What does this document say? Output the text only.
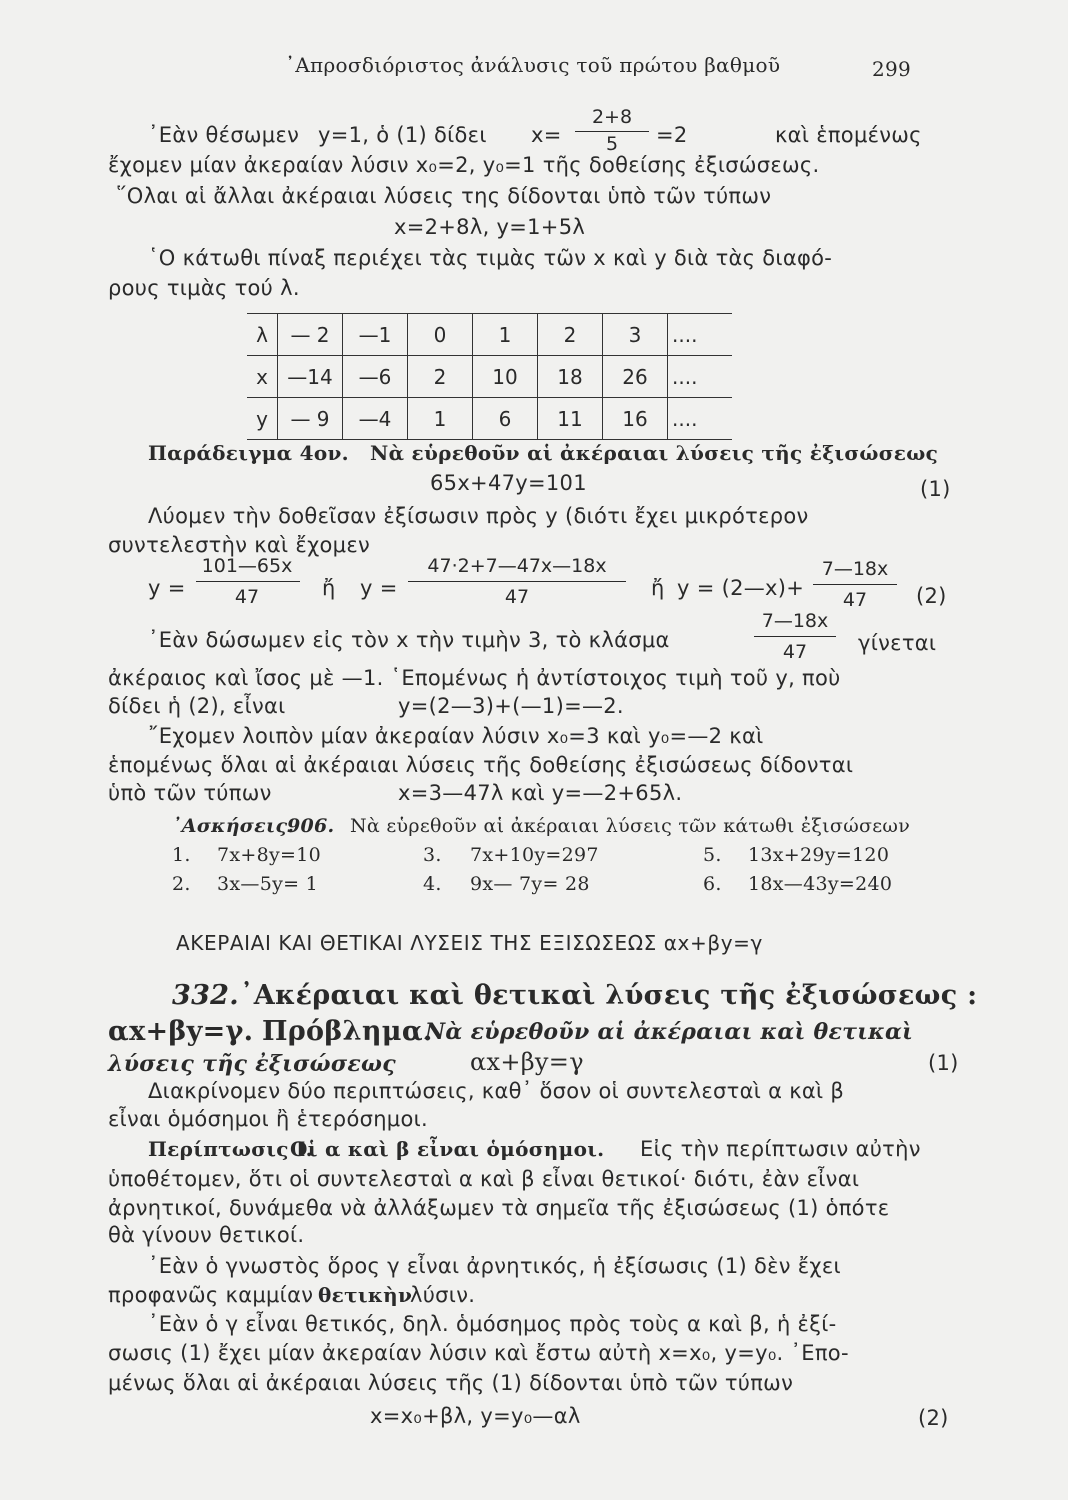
᾿Απροσδιόριστος ἀνάλυσις τοῦ πρώτου βαθμοῦ	299
᾿Εὰν θέσωμεν y=1, ὁ (1) δίδει x=
2+8
5	=2	καὶ ἑπομένως
ἔχομεν μίαν ἀκεραίαν λύσιν x₀=2, y₀=1 τῆς δοθείσης ἐξισώσεως.
῞Ολαι αἱ ἄλλαι ἀκέραιαι λύσεις της δίδονται ὑπὸ τῶν τύπων
x=2+8λ, y=1+5λ
῾Ο κάτωθι πίναξ περιέχει τὰς τιμὰς τῶν x καὶ y διὰ τὰς διαφό-
ρους τιμὰς τού λ.
λ	— 2	—1	0	1	2	3	....
x	—14	—6	2	10	18	26	....
y	— 9	—4	1	6	11	16	....
Παράδειγμα 4ον. Νὰ εὑρεθοῦν αἱ ἀκέραιαι λύσεις τῆς ἐξισώσεως
65x+47y=101	(1)
Λύομεν τὴν δοθεῖσαν ἐξίσωσιν πρὸς y (διότι ἔχει μικρότερον
συντελεστὴν καὶ ἔχομεν
y =
101—65x
47	ἤ y =
47·2+7—47x—18x
47	ἤ y = (2—x)+
7—18x
47	(2)
᾿Εὰν δώσωμεν εἰς τὸν x τὴν τιμὴν 3, τὸ κλάσμα
7—18x
47	γίνεται
ἀκέραιος καὶ ἴσος μὲ —1. ῾Επομένως ἡ ἀντίστοιχος τιμὴ τοῦ y, ποὺ
δίδει ἡ (2), εἶναι	y=(2—3)+(—1)=—2.
῎Εχομεν λοιπὸν μίαν ἀκεραίαν λύσιν x₀=3 καὶ y₀=—2 καὶ
ἑπομένως ὅλαι αἱ ἀκέραιαι λύσεις τῆς δοθείσης ἐξισώσεως δίδονται
ὑπὸ τῶν τύπων	x=3—47λ καὶ y=—2+65λ.
᾿Ασκήσεις.
906. Νὰ εὑρεθοῦν αἱ ἀκέραιαι λύσεις τῶν κάτωθι ἐξισώσεων
1. 7x+8y=10	3. 7x+10y=297	5. 13x+29y=120
2. 3x—5y= 1	4. 9x— 7y= 28	6. 18x—43y=240
ΑΚΕΡΑΙΑΙ ΚΑΙ ΘΕΤΙΚΑΙ ΛΥΣΕΙΣ ΤΗΣ ΕΞΙΣΩΣΕΩΣ αx+βy=γ
332. ᾿Ακέραιαι καὶ θετικαὶ λύσεις τῆς ἐξισώσεως :
αx+βy=γ. Πρόβλημα.
Νὰ εὑρεθοῦν αἱ ἀκέραιαι καὶ θετικαὶ
λύσεις τῆς ἐξισώσεως	αx+βy=γ	(1)
Διακρίνομεν δύο περιπτώσεις, καθ᾿ ὅσον οἱ συντελεσταὶ α καὶ β
εἶναι ὁμόσημοι ἢ ἑτερόσημοι.
Περίπτωσις Ι.
Οἱ α καὶ β εἶναι ὁμόσημοι. Εἰς τὴν περίπτωσιν αὐτὴν
ὑποθέτομεν, ὅτι οἱ συντελεσταὶ α καὶ β εἶναι θετικοί· διότι, ἐὰν εἶναι
ἀρνητικοί, δυνάμεθα νὰ ἀλλάξωμεν τὰ σημεῖα τῆς ἐξισώσεως (1) ὁπότε
θὰ γίνουν θετικοί.
᾿Εὰν ὁ γνωστὸς ὅρος γ εἶναι ἀρνητικός, ἡ ἐξίσωσις (1) δὲν ἔχει
προφανῶς καμμίαν θετικὴν
λύσιν.
᾿Εὰν ὁ γ εἶναι θετικός, δηλ. ὁμόσημος πρὸς τοὺς α καὶ β, ἡ ἐξί-
σωσις (1) ἔχει μίαν ἀκεραίαν λύσιν καὶ ἔστω αὐτὴ x=x₀, y=y₀. ᾿Επο-
μένως ὅλαι αἱ ἀκέραιαι λύσεις τῆς (1) δίδονται ὑπὸ τῶν τύπων
x=x₀+βλ, y=y₀—αλ	(2)
